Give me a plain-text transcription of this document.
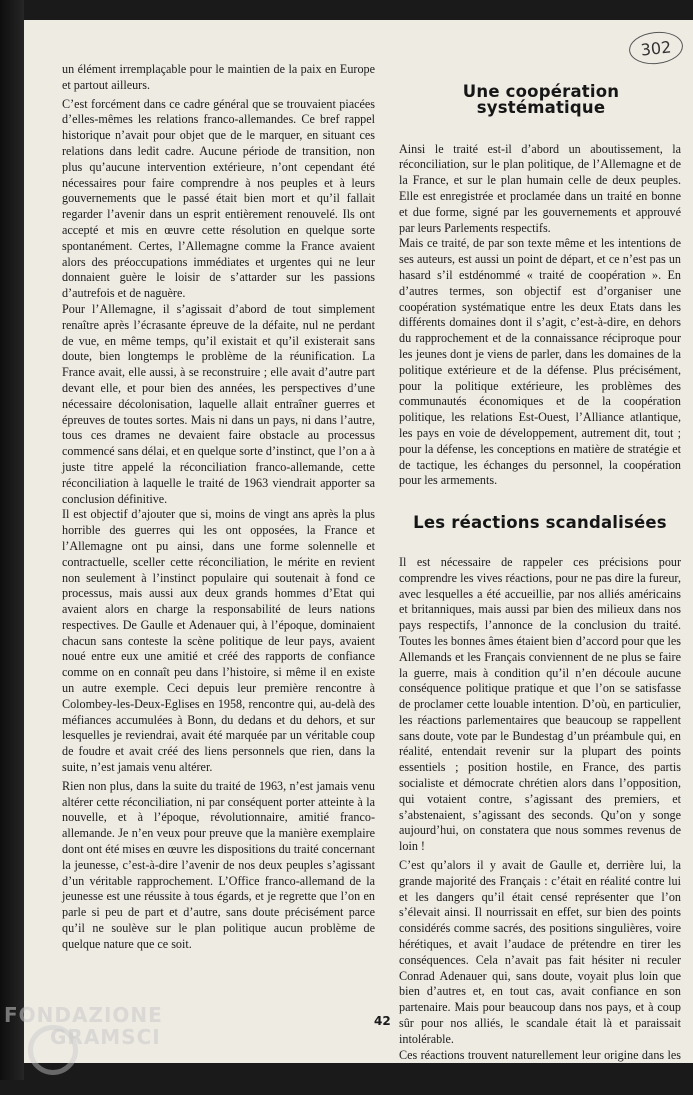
302

un élément irremplaçable pour le maintien de la paix en Europe et partout ailleurs.

C’est forcément dans ce cadre général que se trouvaient piacées d’elles-mêmes les relations franco-allemandes. Ce bref rappel historique n’avait pour objet que de le marquer, en situant ces relations dans ledit cadre. Aucune période de transition, non plus qu’aucune intervention extérieure, n’ont cependant été nécessaires pour faire comprendre à nos peuples et à leurs gouvernements que le passé était bien mort et qu’il fallait regarder l’avenir dans un esprit entièrement renouvelé. Ils ont accepté et mis en œuvre cette résolution en quelque sorte spontanément. Certes, l’Allemagne comme la France avaient alors des préoccupations immédiates et urgentes qui ne leur donnaient guère le loisir de s’attarder sur les passions d’autrefois et de naguère.

Pour l’Allemagne, il s’agissait d’abord de tout simplement renaître après l’écrasante épreuve de la défaite, nul ne perdant de vue, en même temps, qu’il existait et qu’il existerait sans doute, bien longtemps le problème de la réunification. La France avait, elle aussi, à se reconstruire ; elle avait d’autre part devant elle, et pour bien des années, les perspectives d’une nécessaire décolonisation, laquelle allait entraîner guerres et épreuves de toutes sortes. Mais ni dans un pays, ni dans l’autre, tous ces drames ne devaient faire obstacle au processus commencé sans délai, et en quelque sorte d’instinct, que l’on a à juste titre appelé la réconciliation franco-allemande, cette réconciliation à laquelle le traité de 1963 viendrait apporter sa conclusion définitive.

Il est objectif d’ajouter que si, moins de vingt ans après la plus horrible des guerres qui les ont opposées, la France et l’Allemagne ont pu ainsi, dans une forme solennelle et contractuelle, sceller cette réconciliation, le mérite en revient non seulement à l’instinct populaire qui soutenait à fond ce processus, mais aussi aux deux grands hommes d’Etat qui avaient alors en charge la responsabilité de leurs nations respectives. De Gaulle et Adenauer qui, à l’époque, dominaient chacun sans conteste la scène politique de leur pays, avaient noué entre eux une amitié et créé des rapports de confiance comme on en connaît peu dans l’histoire, si même il en existe un autre exemple. Ceci depuis leur première rencontre à Colombey-les-Deux-Eglises en 1958, rencontre qui, au-delà des méfiances accumulées à Bonn, du dedans et du dehors, et sur lesquelles je reviendrai, avait été marquée par un véritable coup de foudre et avait créé des liens personnels que rien, dans la suite, n’est jamais venu altérer.

Rien non plus, dans la suite du traité de 1963, n’est jamais venu altérer cette réconciliation, ni par conséquent porter atteinte à la nouvelle, et à l’époque, révolutionnaire, amitié franco-allemande. Je n’en veux pour preuve que la manière exemplaire dont ont été mises en œuvre les dispositions du traité concernant la jeunesse, c’est-à-dire l’avenir de nos deux peuples s’agissant d’un véritable rapprochement. L’Office franco-allemand de la jeunesse est une réussite à tous égards, et je regrette que l’on en parle si peu de part et d’autre, sans doute précisément parce qu’il ne soulève sur le plan politique aucun problème de quelque nature que ce soit.

Une coopération systématique

Ainsi le traité est-il d’abord un aboutissement, la réconciliation, sur le plan politique, de l’Allemagne et de la France, et sur le plan humain celle de deux peuples. Elle est enregistrée et proclamée dans un traité en bonne et due forme, signé par les gouvernements et approuvé par leurs Parlements respectifs.

Mais ce traité, de par son texte même et les intentions de ses auteurs, est aussi un point de départ, et ce n’est pas un hasard s’il estdénommé « traité de coopération ». En d’autres termes, son objectif est d’organiser une coopération systématique entre les deux Etats dans les différents domaines dont il s’agit, c’est-à-dire, en dehors du rapprochement et de la connaissance réciproque pour les jeunes dont je viens de parler, dans les domaines de la politique extérieure et de la défense. Plus précisément, pour la politique extérieure, les problèmes des communautés économiques et de la coopération politique, les relations Est-Ouest, l’Alliance atlantique, les pays en voie de développement, autrement dit, tout ; pour la défense, les conceptions en matière de stratégie et de tactique, les échanges du personnel, la coopération pour les armements.

Les réactions scandalisées

Il est nécessaire de rappeler ces précisions pour comprendre les vives réactions, pour ne pas dire la fureur, avec lesquelles a été accueillie, par nos alliés américains et britanniques, mais aussi par bien des milieux dans nos pays respectifs, l’annonce de la conclusion du traité. Toutes les bonnes âmes étaient bien d’accord pour que les Allemands et les Français conviennent de ne plus se faire la guerre, mais à condition qu’il n’en découle aucune conséquence politique pratique et que l’on se satisfasse de proclamer cette louable intention. D’où, en particulier, les réactions parlementaires que beaucoup se rappellent sans doute, vote par le Bundestag d’un préambule qui, en réalité, entendait revenir sur la plupart des points essentiels ; position hostile, en France, des partis socialiste et démocrate chrétien alors dans l’opposition, qui votaient contre, s’agissant des premiers, et s’abstenaient, s’agissant des seconds. Qu’on y songe aujourd’hui, on constatera que nous sommes revenus de loin !

C’est qu’alors il y avait de Gaulle et, derrière lui, la grande majorité des Français : c’était en réalité contre lui et les dangers qu’il était censé représenter que l’on s’élevait ainsi. Il nourrissait en effet, sur bien des points considérés comme sacrés, des positions singulières, voire hérétiques, et avait l’audace de prétendre en tirer les conséquences. Cela n’avait pas fait hésiter ni reculer Conrad Adenauer qui, sans doute, voyait plus loin que bien d’autres et, en tout cas, avait confiance en son partenaire. Mais pour beaucoup dans nos pays, et à coup sûr pour nos alliés, le scandale était là et paraissait intolérable.

Ces réactions trouvent naturellement leur origine dans les craintes relatives aux conséquences qui pouvaient résulter du traité pour la mise en œuvre des deux

42
FONDAZIONE
GRAMSCI
